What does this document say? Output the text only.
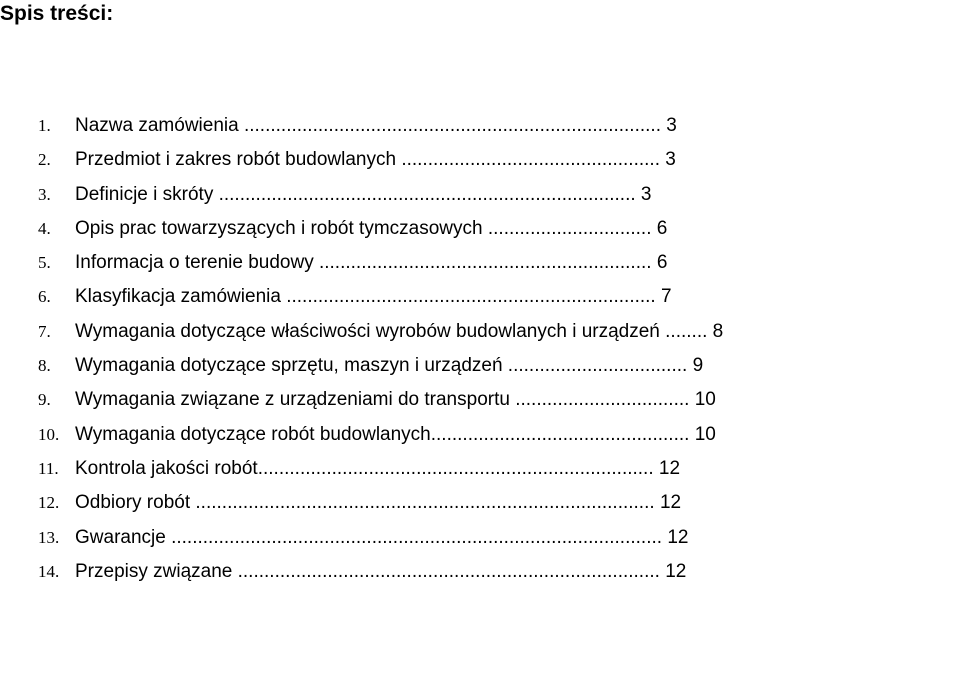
Spis treści:
1. Nazwa zamówienia ............................................................................... 3
2. Przedmiot i zakres robót budowlanych ................................................. 3
3. Definicje i skróty ............................................................................... 3
4. Opis prac towarzyszących i robót tymczasowych ............................... 6
5. Informacja o terenie budowy ............................................................... 6
6. Klasyfikacja zamówienia ...................................................................... 7
7. Wymagania dotyczące właściwości wyrobów budowlanych i urządzeń ........ 8
8. Wymagania dotyczące sprzętu, maszyn i urządzeń .................................. 9
9. Wymagania związane z urządzeniami do transportu ................................. 10
10. Wymagania dotyczące robót budowlanych................................................. 10
11. Kontrola jakości robót........................................................................... 12
12. Odbiory robót ....................................................................................... 12
13. Gwarancje ............................................................................................. 12
14. Przepisy związane ................................................................................ 12
